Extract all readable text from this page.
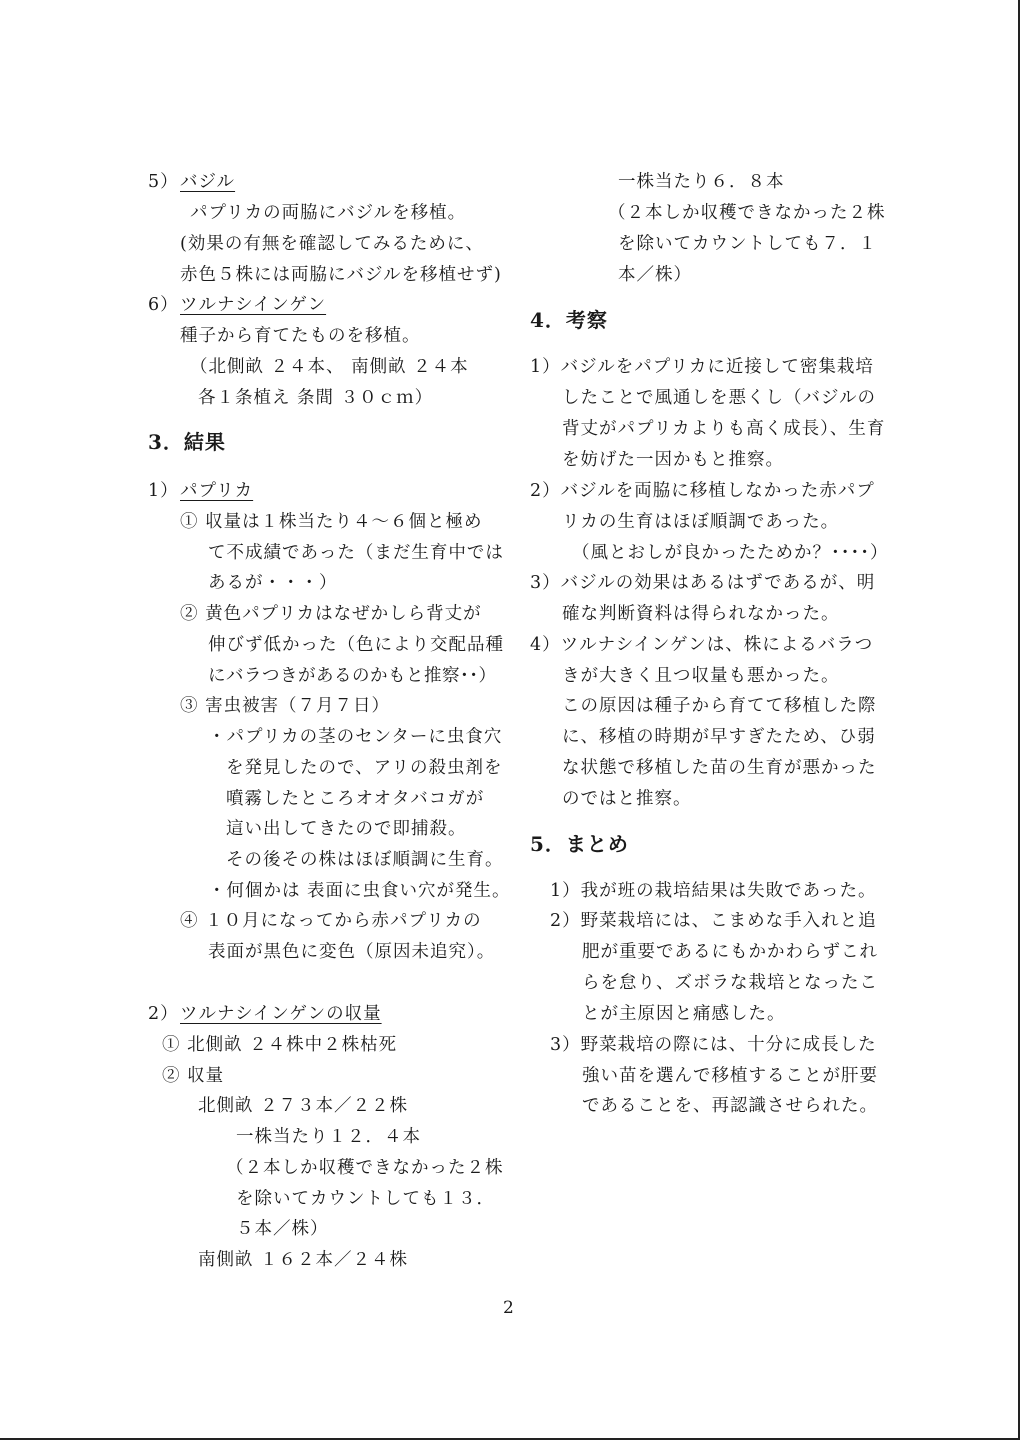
5） バジル
パプリカの両脇にバジルを移植。
(効果の有無を確認してみるために、
赤色５株には両脇にバジルを移植せず)
6） ツルナシインゲン
種子から育てたものを移植。
（北側畝 ２４本、 南側畝 ２４本
各１条植え 条間 ３０ｃｍ）
3．結果
1） パプリカ
① 収量は１株当たり４～６個と極め
て不成績であった（まだ生育中では
あるが・・・）
② 黄色パプリカはなぜかしら背丈が
伸びず低かった（色により交配品種
にバラつきがあるのかもと推察･･）
③ 害虫被害（７月７日）
・パプリカの茎のセンターに虫食穴
を発見したので、アリの殺虫剤を
噴霧したところオオタバコガが
這い出してきたので即捕殺。
その後その株はほぼ順調に生育。
・何個かは 表面に虫食い穴が発生。
④ １０月になってから赤パプリカの
表面が黒色に変色（原因未追究）。
2） ツルナシインゲンの収量
① 北側畝 ２４株中２株枯死
② 収量
北側畝 ２７３本／２２株
一株当たり１２．４本
（２本しか収穫できなかった２株
を除いてカウントしても１３．
５本／株）
南側畝 １６２本／２４株
一株当たり６．８本
（２本しか収穫できなかった２株
を除いてカウントしても７．１
本／株）
4．考察
1）バジルをパプリカに近接して密集栽培
したことで風通しを悪くし（バジルの
背丈がパプリカよりも高く成長）、生育
を妨げた一因かもと推察。
2）バジルを両脇に移植しなかった赤パプ
リカの生育はほぼ順調であった。
（風とおしが良かったためか？････）
3）バジルの効果はあるはずであるが、明
確な判断資料は得られなかった。
4）ツルナシインゲンは、株によるバラつ
きが大きく且つ収量も悪かった。
この原因は種子から育てて移植した際
に、移植の時期が早すぎたため、ひ弱
な状態で移植した苗の生育が悪かった
のではと推察。
5．まとめ
1）我が班の栽培結果は失敗であった。
2）野菜栽培には、こまめな手入れと追
肥が重要であるにもかかわらずこれ
らを怠り、ズボラな栽培となったこ
とが主原因と痛感した。
3）野菜栽培の際には、十分に成長した
強い苗を選んで移植することが肝要
であることを、再認識させられた。
2
